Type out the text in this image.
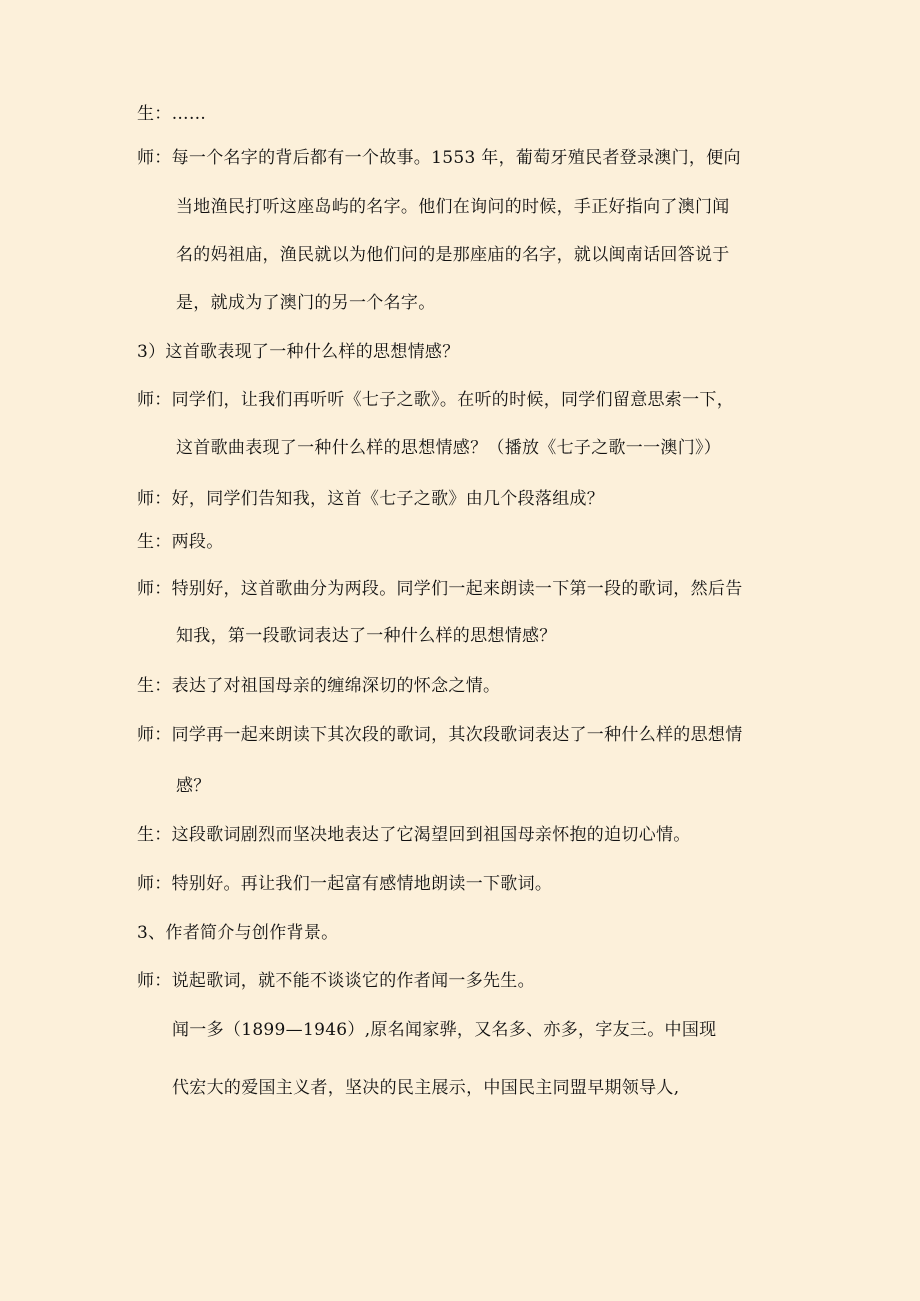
生：……
师：每一个名字的背后都有一个故事。1553 年，葡萄牙殖民者登录澳门，便向
当地渔民打听这座岛屿的名字。他们在询问的时候，手正好指向了澳门闻
名的妈祖庙，渔民就以为他们问的是那座庙的名字，就以闽南话回答说于
是，就成为了澳门的另一个名字。
3）这首歌表现了一种什么样的思想情感？
师：同学们，让我们再听听《七子之歌》。在听的时候，同学们留意思索一下，
这首歌曲表现了一种什么样的思想情感？（播放《七子之歌一一澳门》）
师：好，同学们告知我，这首《七子之歌》由几个段落组成？
生：两段。
师：特别好，这首歌曲分为两段。同学们一起来朗读一下第一段的歌词，然后告
知我，第一段歌词表达了一种什么样的思想情感？
生：表达了对祖国母亲的缠绵深切的怀念之情。
师：同学再一起来朗读下其次段的歌词，其次段歌词表达了一种什么样的思想情
感？
生：这段歌词剧烈而坚决地表达了它渴望回到祖国母亲怀抱的迫切心情。
师：特别好。再让我们一起富有感情地朗读一下歌词。
3、作者简介与创作背景。
师：说起歌词，就不能不谈谈它的作者闻一多先生。
闻一多（1899—1946）,原名闻家骅，又名多、亦多，字友三。中国现
代宏大的爱国主义者，坚决的民主展示，中国民主同盟早期领导人,
